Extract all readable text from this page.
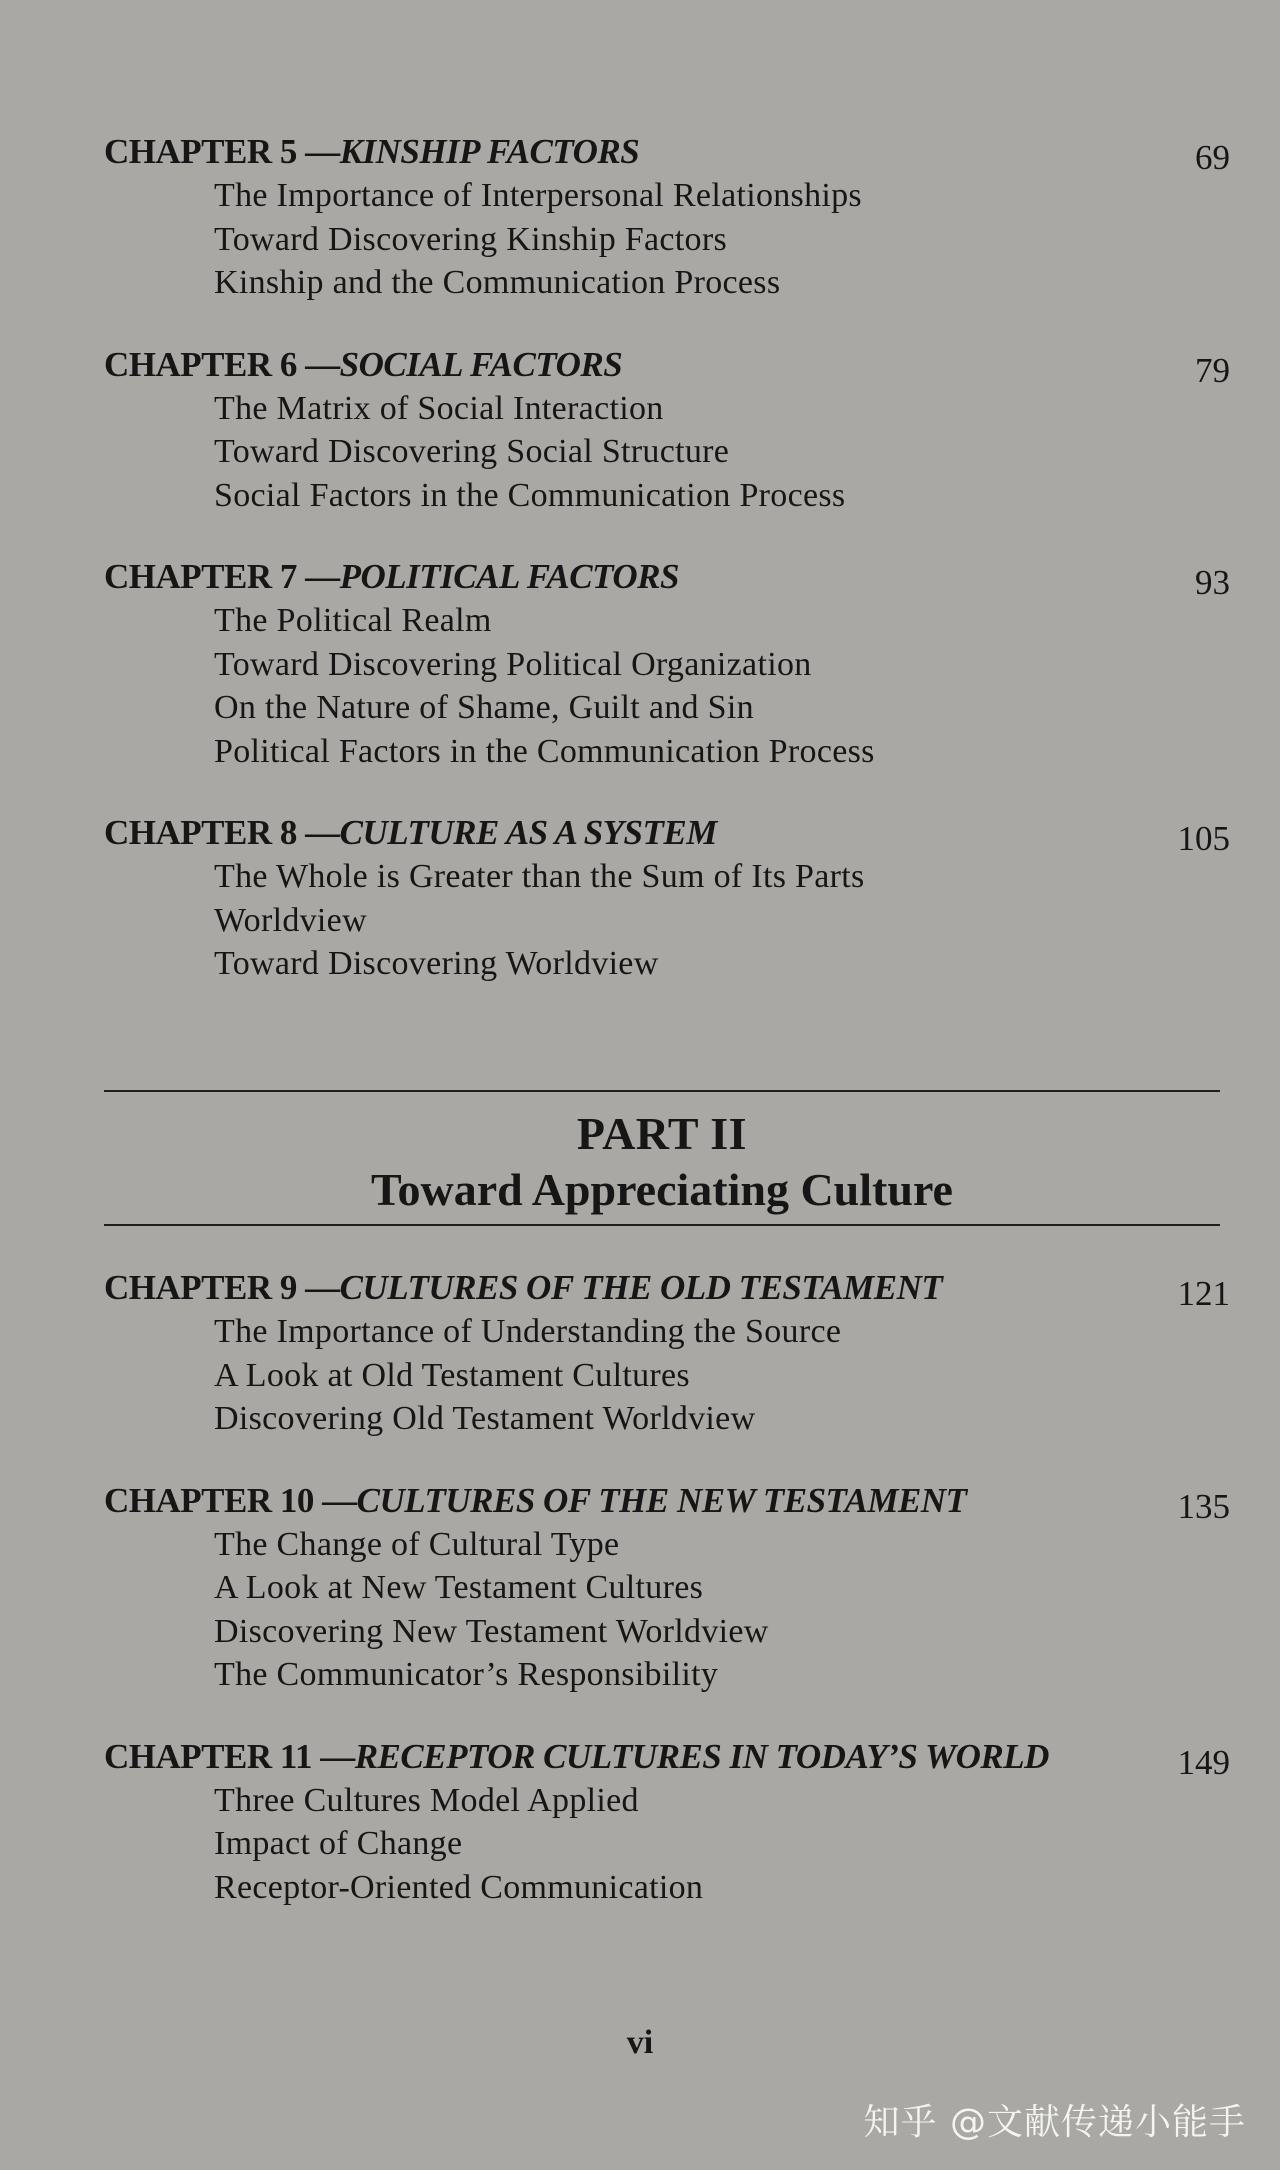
CHAPTER 5 —KINSHIP FACTORS	69
The Importance of Interpersonal Relationships
Toward Discovering Kinship Factors
Kinship and the Communication Process
CHAPTER 6 —SOCIAL FACTORS	79
The Matrix of Social Interaction
Toward Discovering Social Structure
Social Factors in the Communication Process
CHAPTER 7 —POLITICAL FACTORS	93
The Political Realm
Toward Discovering Political Organization
On the Nature of Shame, Guilt and Sin
Political Factors in the Communication Process
CHAPTER 8 —CULTURE AS A SYSTEM	105
The Whole is Greater than the Sum of Its Parts
Worldview
Toward Discovering Worldview
PART II
Toward Appreciating Culture
CHAPTER 9 —CULTURES OF THE OLD TESTAMENT	121
The Importance of Understanding the Source
A Look at Old Testament Cultures
Discovering Old Testament Worldview
CHAPTER 10 —CULTURES OF THE NEW TESTAMENT	135
The Change of Cultural Type
A Look at New Testament Cultures
Discovering New Testament Worldview
The Communicator’s Responsibility
CHAPTER 11 —RECEPTOR CULTURES IN TODAY’S WORLD	149
Three Cultures Model Applied
Impact of Change
Receptor-Oriented Communication
vi
知乎 @文献传递小能手
